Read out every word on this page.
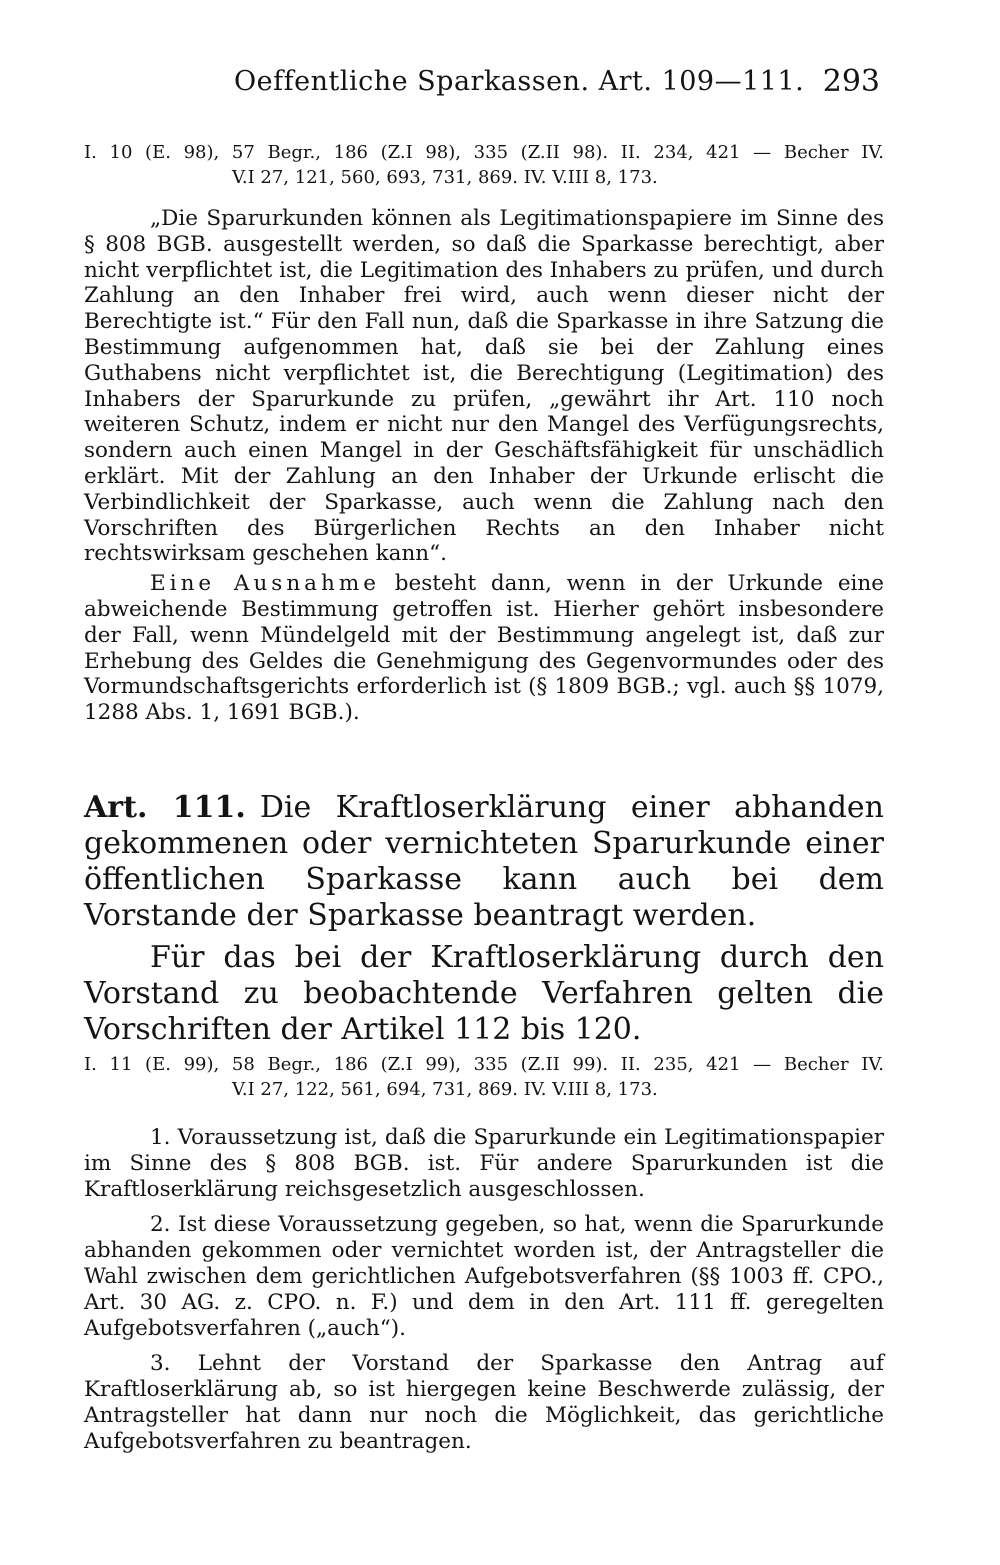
Oeffentliche Sparkassen. Art. 109—111. 293

I. 10 (E. 98), 57 Begr., 186 (Z.I 98), 335 (Z.II 98). II. 234, 421 — Becher IV.

V.I 27, 121, 560, 693, 731, 869. IV. V.III 8, 173.

„Die Sparurkunden können als Legitimationspapiere im Sinne des § 808 BGB. ausgestellt werden, so daß die Sparkasse berechtigt, aber nicht verpflichtet ist, die Legitimation des Inhabers zu prüfen, und durch Zahlung an den Inhaber frei wird, auch wenn dieser nicht der Berechtigte ist.“ Für den Fall nun, daß die Sparkasse in ihre Satzung die Bestimmung aufgenommen hat, daß sie bei der Zahlung eines Guthabens nicht verpflichtet ist, die Berechtigung (Legitimation) des Inhabers der Sparurkunde zu prüfen, „gewährt ihr Art. 110 noch weiteren Schutz, indem er nicht nur den Mangel des Verfügungsrechts, sondern auch einen Mangel in der Geschäftsfähigkeit für unschädlich erklärt. Mit der Zahlung an den Inhaber der Urkunde erlischt die Verbindlichkeit der Sparkasse, auch wenn die Zahlung nach den Vorschriften des Bürgerlichen Rechts an den Inhaber nicht rechtswirksam geschehen kann“.

Eine Ausnahme besteht dann, wenn in der Urkunde eine abweichende Bestimmung getroffen ist. Hierher gehört insbesondere der Fall, wenn Mündelgeld mit der Bestimmung angelegt ist, daß zur Erhebung des Geldes die Genehmigung des Gegenvormundes oder des Vormundschaftsgerichts erforderlich ist (§ 1809 BGB.; vgl. auch §§ 1079, 1288 Abs. 1, 1691 BGB.).

Art. 111. Die Kraftloserklärung einer abhanden gekommenen oder vernichteten Sparurkunde einer öffentlichen Sparkasse kann auch bei dem Vorstande der Sparkasse beantragt werden.

Für das bei der Kraftloserklärung durch den Vorstand zu beobachtende Verfahren gelten die Vorschriften der Artikel 112 bis 120.

I. 11 (E. 99), 58 Begr., 186 (Z.I 99), 335 (Z.II 99). II. 235, 421 — Becher IV.

V.I 27, 122, 561, 694, 731, 869. IV. V.III 8, 173.

1. Voraussetzung ist, daß die Sparurkunde ein Legitimationspapier im Sinne des § 808 BGB. ist. Für andere Sparurkunden ist die Kraftloserklärung reichsgesetzlich ausgeschlossen.

2. Ist diese Voraussetzung gegeben, so hat, wenn die Sparurkunde abhanden gekommen oder vernichtet worden ist, der Antragsteller die Wahl zwischen dem gerichtlichen Aufgebotsverfahren (§§ 1003 ff. CPO., Art. 30 AG. z. CPO. n. F.) und dem in den Art. 111 ff. geregelten Aufgebotsverfahren („auch“).

3. Lehnt der Vorstand der Sparkasse den Antrag auf Kraftloserklärung ab, so ist hiergegen keine Beschwerde zulässig, der Antragsteller hat dann nur noch die Möglichkeit, das gerichtliche Aufgebotsverfahren zu beantragen.
